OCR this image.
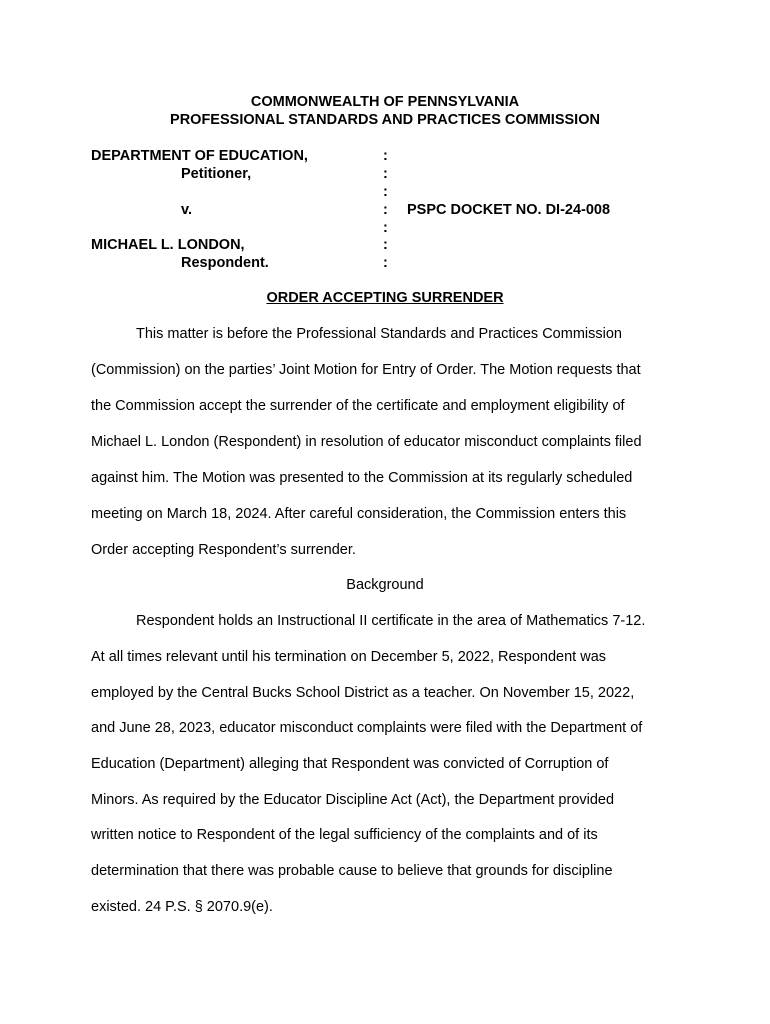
COMMONWEALTH OF PENNSYLVANIA
PROFESSIONAL STANDARDS AND PRACTICES COMMISSION
DEPARTMENT OF EDUCATION,
Petitioner,
v.
MICHAEL L. LONDON,
Respondent.
:
:
:
:
:
:
:
PSPC DOCKET NO. DI-24-008
ORDER ACCEPTING SURRENDER
This matter is before the Professional Standards and Practices Commission
(Commission) on the parties’ Joint Motion for Entry of Order. The Motion requests that
the Commission accept the surrender of the certificate and employment eligibility of
Michael L. London (Respondent) in resolution of educator misconduct complaints filed
against him. The Motion was presented to the Commission at its regularly scheduled
meeting on March 18, 2024. After careful consideration, the Commission enters this
Order accepting Respondent’s surrender.
Background
Respondent holds an Instructional II certificate in the area of Mathematics 7-12.
At all times relevant until his termination on December 5, 2022, Respondent was
employed by the Central Bucks School District as a teacher. On November 15, 2022,
and June 28, 2023, educator misconduct complaints were filed with the Department of
Education (Department) alleging that Respondent was convicted of Corruption of
Minors. As required by the Educator Discipline Act (Act), the Department provided
written notice to Respondent of the legal sufficiency of the complaints and of its
determination that there was probable cause to believe that grounds for discipline
existed. 24 P.S. § 2070.9(e).
